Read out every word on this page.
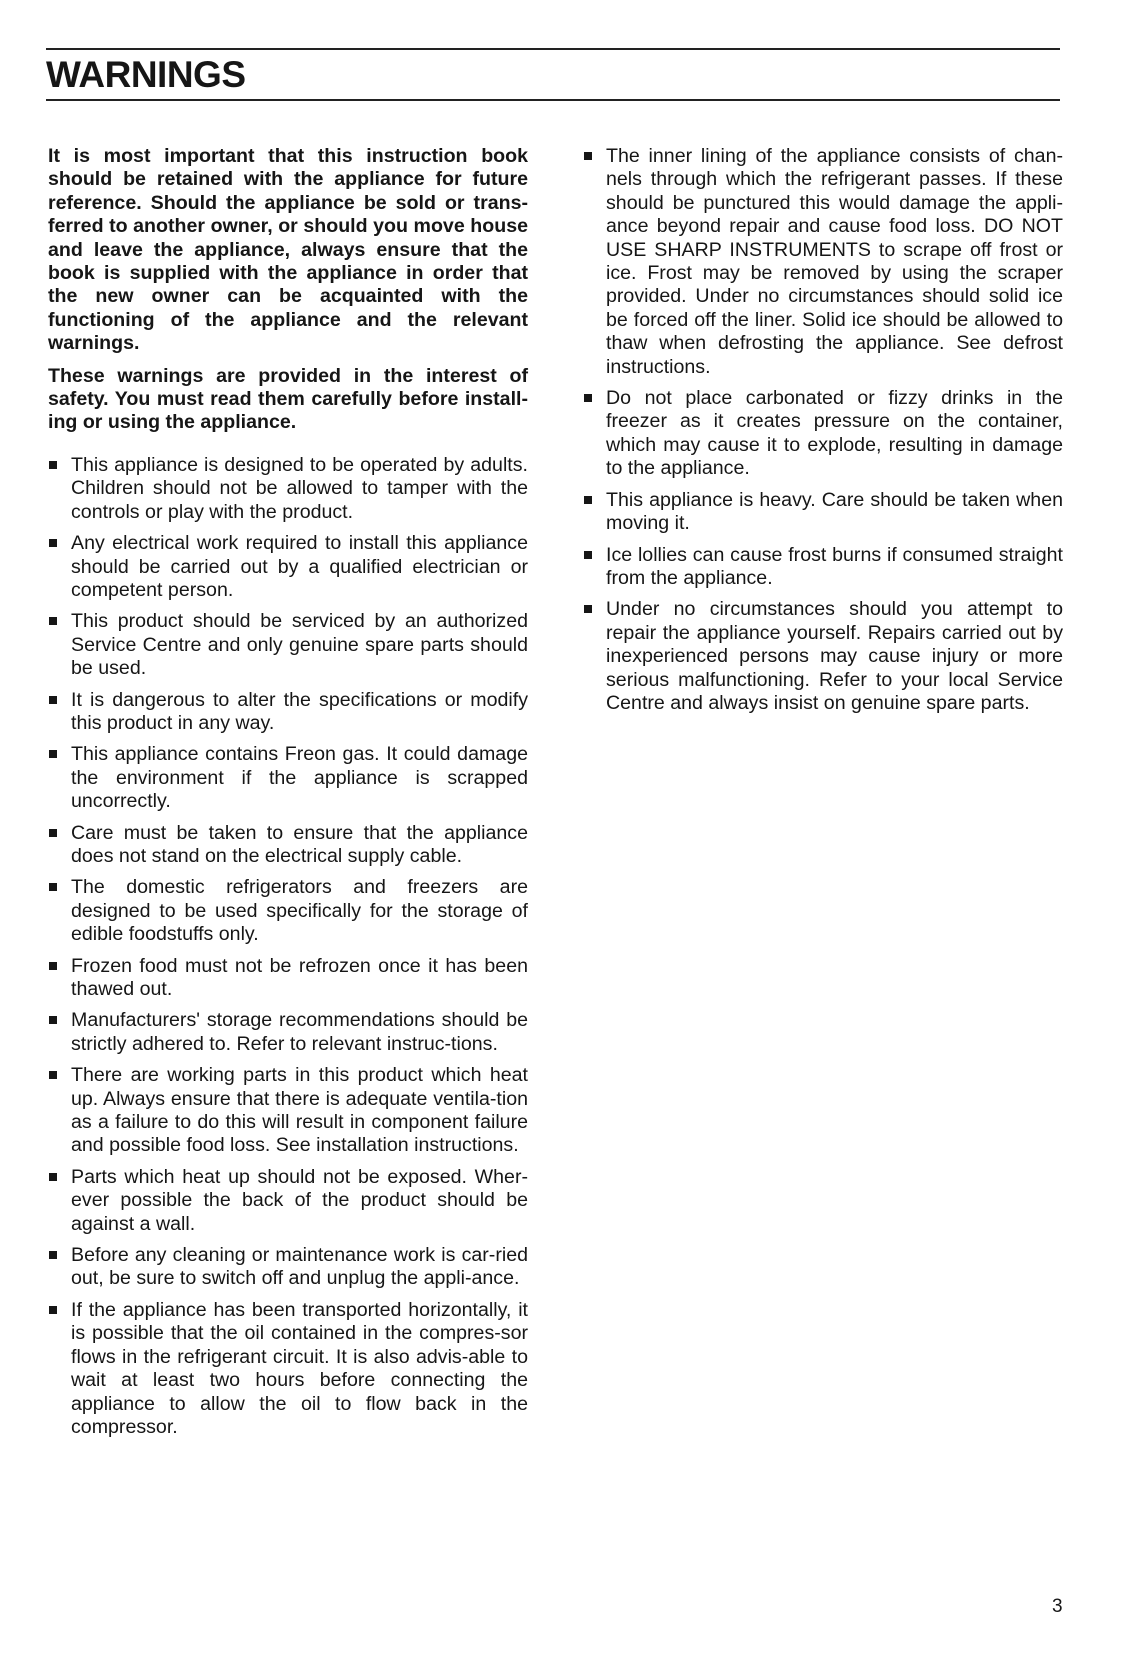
WARNINGS

It is most important that this instruction book should be retained with the appliance for future reference. Should the appliance be sold or trans-ferred to another owner, or should you move house and leave the appliance, always ensure that the book is supplied with the appliance in order that the new owner can be acquainted with the functioning of the appliance and the relevant warnings.

These warnings are provided in the interest of safety. You must read them carefully before install-ing or using the appliance.

This appliance is designed to be operated by adults. Children should not be allowed to tamper with the controls or play with the product.
Any electrical work required to install this appliance should be carried out by a qualified electrician or competent person.
This product should be serviced by an authorized Service Centre and only genuine spare parts should be used.
It is dangerous to alter the specifications or modify this product in any way.
This appliance contains Freon gas. It could damage the environment if the appliance is scrapped uncorrectly.
Care must be taken to ensure that the appliance does not stand on the electrical supply cable.
The domestic refrigerators and freezers are designed to be used specifically for the storage of edible foodstuffs only.
Frozen food must not be refrozen once it has been thawed out.
Manufacturers' storage recommendations should be strictly adhered to. Refer to relevant instruc-tions.
There are working parts in this product which heat up. Always ensure that there is adequate ventila-tion as a failure to do this will result in component failure and possible food loss. See installation instructions.
Parts which heat up should not be exposed. Wher-ever possible the back of the product should be against a wall.
Before any cleaning or maintenance work is car-ried out, be sure to switch off and unplug the appli-ance.
If the appliance has been transported horizontally, it is possible that the oil contained in the compres-sor flows in the refrigerant circuit. It is also advis-able to wait at least two hours before connecting the appliance to allow the oil to flow back in the compressor.
The inner lining of the appliance consists of chan-nels through which the refrigerant passes. If these should be punctured this would damage the appli-ance beyond repair and cause food loss. DO NOT USE SHARP INSTRUMENTS to scrape off frost or ice. Frost may be removed by using the scraper provided. Under no circumstances should solid ice be forced off the liner. Solid ice should be allowed to thaw when defrosting the appliance. See defrost instructions.
Do not place carbonated or fizzy drinks in the freezer as it creates pressure on the container, which may cause it to explode, resulting in damage to the appliance.
This appliance is heavy. Care should be taken when moving it.
Ice lollies can cause frost burns if consumed straight from the appliance.
Under no circumstances should you attempt to repair the appliance yourself. Repairs carried out by inexperienced persons may cause injury or more serious malfunctioning. Refer to your local Service Centre and always insist on genuine spare parts.
3
